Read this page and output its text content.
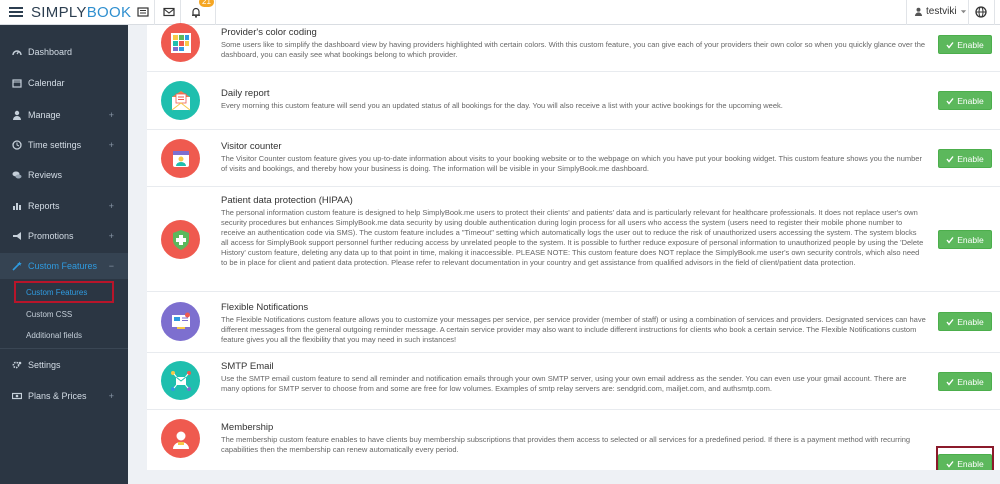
SIMPLYBOOK
21
testviki
Dashboard
Calendar
Manage	+
Time settings	+
Reviews
Reports	+
Promotions	+
Custom Features −
Custom Features
Custom CSS
Additional fields
Settings
Plans & Prices +
Provider's color coding
Some users like to simplify the dashboard view by having providers highlighted with certain colors. With this custom feature, you can give each of your providers their own color so when you quickly glance over the dashboard, you can easily see what bookings belong to which provider.
Enable
Daily report
Every morning this custom feature will send you an updated status of all bookings for the day. You will also receive a list with your active bookings for the upcoming week.	Enable
Visitor counter
The Visitor Counter custom feature gives you up-to-date information about visits to your booking website or to the webpage on which you have put your booking widget. This custom feature shows you the number of visits and bookings, and thereby how your business is doing. The information will be visible in your SimplyBook.me dashboard.
Enable
Patient data protection (HIPAA)
The personal information custom feature is designed to help SimplyBook.me users to protect their clients' and patients' data and is particularly relevant for healthcare professionals. It does not replace user's own security procedures but enhances SimplyBook.me data security by using double authentication during login process for all users who access the system (users need to register their mobile phone number to receive an authentication code via SMS). The custom feature includes a "Timeout" setting which automatically logs the user out to reduce the risk of unauthorized users accessing the system. The system blocks all access for SimplyBook support personnel further reducing access by unrelated people to the system. It is possible to further reduce exposure of personal information to unauthorized people by using the 'Delete History' custom feature, deleting any data up to that point in time, making it inaccessible. PLEASE NOTE: This custom feature does NOT replace the SimplyBook.me user's own security controls, which also need to be in place for client and patient data protection. Please refer to relevant documentation in your country and get assistance from qualified advisors in the field of client/patient data protection.
Enable
Flexible Notifications
The Flexible Notifications custom feature allows you to customize your messages per service, per service provider (member of staff) or using a combination of services and providers. Designated services can have different messages from the general outgoing reminder message. A certain service provider may also want to include different instructions for clients who book a certain service. The Flexible Notifications custom feature gives you all the flexibility that you may need in such instances!
Enable
SMTP Email
Use the SMTP email custom feature to send all reminder and notification emails through your own SMTP server, using your own email address as the sender. You can even use your gmail account. There are many options for SMTP server to choose from and some are free for low volumes. Examples of smtp relay servers are: sendgrid.com, mailjet.com, and authsmtp.com.
Enable
Membership
The membership custom feature enables to have clients buy membership subscriptions that provides them access to selected or all services for a predefined period. If there is a payment method with recurring capabilities then the membership can renew automatically every period.
Enable
